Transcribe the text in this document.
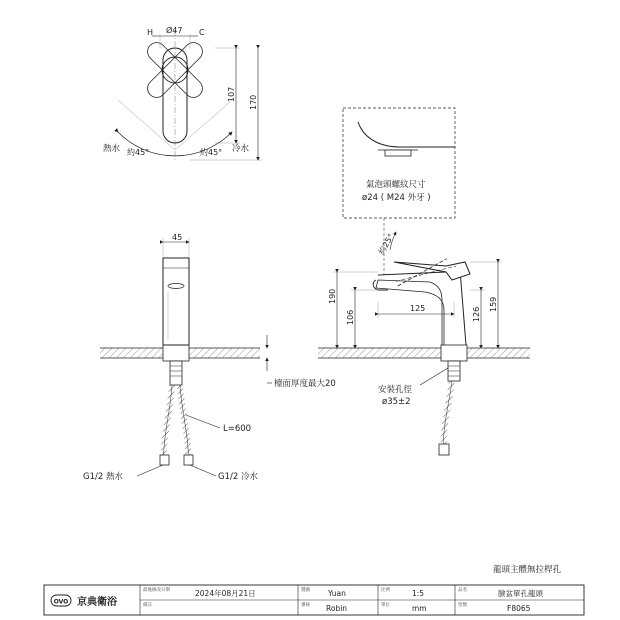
Ø47
H	C
107
170
熱水 約45°	約45° 冷水
45
檯面厚度最大20
L=600
G1/2 熱水	G1/2 冷水
氣泡頭螺紋尺寸
ø24 ( M24 外牙 )
約25°
190
106	126
159
125
安裝孔徑
ø35±2
龍頭主體無拉桿孔
OVO 京典衛浴
最後修改日期	2024年08月21日	製圖 Yuan	比例	1:5	品名	臉盆單孔龍頭
備註	審核 Robin	單位	mm	型號	F8065
